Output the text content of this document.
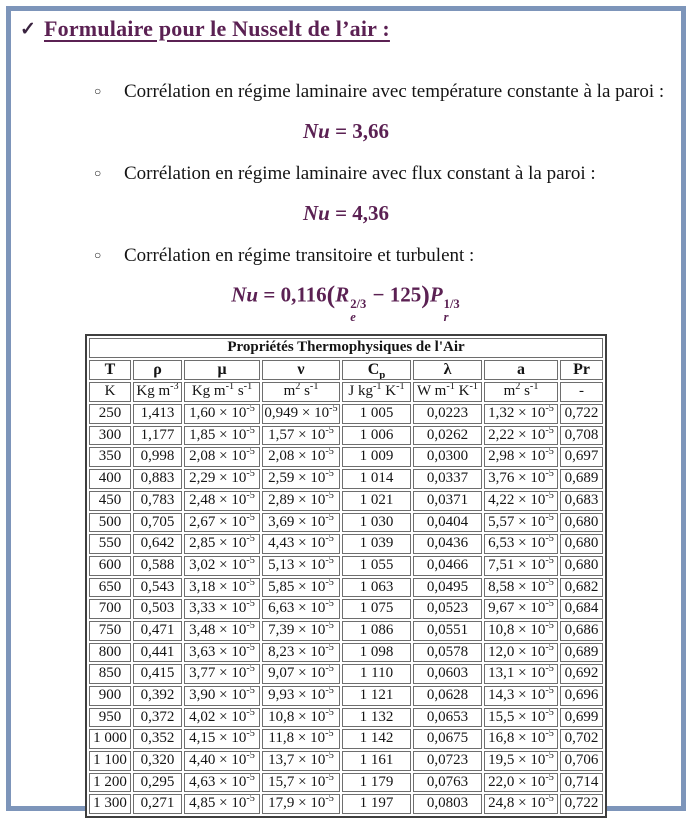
✓ Formulaire pour le Nusselt de l’air :
○	Corrélation en régime laminaire avec température constante à la paroi :
Nu = 3,66
○	Corrélation en régime laminaire avec flux constant à la paroi :
Nu = 4,36
○	Corrélation en régime transitoire et turbulent :
Nu = 0,116(R 2/3
e
− 125)P 1/3
r
Propriétés Thermophysiques de l'Air							
T	ρ	μ	ν	$C_p$	λ	a	Pr
K	Kg $m^{-3}$	Kg $m^{-1}$ $s^{-1}$	$m^2$ $s^{-1}$	J $kg^{-1}$ $K^{-1}$	W $m^{-1}$ $K^{-1}$	$m^2$ $s^{-1}$	-
250	1,413	$1,60 \times 10^{-5}$	$0,949 \times 10^{-5}$	1 005	0,0223	$1,32 \times 10^{-5}$	0,722
300	1,177	$1,85 \times 10^{-5}$	$1,57 \times 10^{-5}$	1 006	0,0262	$2,22 \times 10^{-5}$	0,708
350	0,998	$2,08 \times 10^{-5}$	$2,08 \times 10^{-5}$	1 009	0,0300	$2,98 \times 10^{-5}$	0,697
400	0,883	$2,29 \times 10^{-5}$	$2,59 \times 10^{-5}$	1 014	0,0337	$3,76 \times 10^{-5}$	0,689
450	0,783	$2,48 \times 10^{-5}$	$2,89 \times 10^{-5}$	1 021	0,0371	$4,22 \times 10^{-5}$	0,683
500	0,705	$2,67 \times 10^{-5}$	$3,69 \times 10^{-5}$	1 030	0,0404	$5,57 \times 10^{-5}$	0,680
550	0,642	$2,85 \times 10^{-5}$	$4,43 \times 10^{-5}$	1 039	0,0436	$6,53 \times 10^{-5}$	0,680
600	0,588	$3,02 \times 10^{-5}$	$5,13 \times 10^{-5}$	1 055	0,0466	$7,51 \times 10^{-5}$	0,680
650	0,543	$3,18 \times 10^{-5}$	$5,85 \times 10^{-5}$	1 063	0,0495	$8,58 \times 10^{-5}$	0,682
700	0,503	$3,33 \times 10^{-5}$	$6,63 \times 10^{-5}$	1 075	0,0523	$9,67 \times 10^{-5}$	0,684
750	0,471	$3,48 \times 10^{-5}$	$7,39 \times 10^{-5}$	1 086	0,0551	$10,8 \times 10^{-5}$	0,686
800	0,441	$3,63 \times 10^{-5}$	$8,23 \times 10^{-5}$	1 098	0,0578	$12,0 \times 10^{-5}$	0,689
850	0,415	$3,77 \times 10^{-5}$	$9,07 \times 10^{-5}$	1 110	0,0603	$13,1 \times 10^{-5}$	0,692
900	0,392	$3,90 \times 10^{-5}$	$9,93 \times 10^{-5}$	1 121	0,0628	$14,3 \times 10^{-5}$	0,696
950	0,372	$4,02 \times 10^{-5}$	$10,8 \times 10^{-5}$	1 132	0,0653	$15,5 \times 10^{-5}$	0,699
1 000	0,352	$4,15 \times 10^{-5}$	$11,8 \times 10^{-5}$	1 142	0,0675	$16,8 \times 10^{-5}$	0,702
1 100	0,320	$4,40 \times 10^{-5}$	$13,7 \times 10^{-5}$	1 161	0,0723	$19,5 \times 10^{-5}$	0,706
1 200	0,295	$4,63 \times 10^{-5}$	$15,7 \times 10^{-5}$	1 179	0,0763	$22,0 \times 10^{-5}$	0,714
1 300	0,271	$4,85 \times 10^{-5}$	$17,9 \times 10^{-5}$	1 197	0,0803	$24,8 \times 10^{-5}$	0,722
